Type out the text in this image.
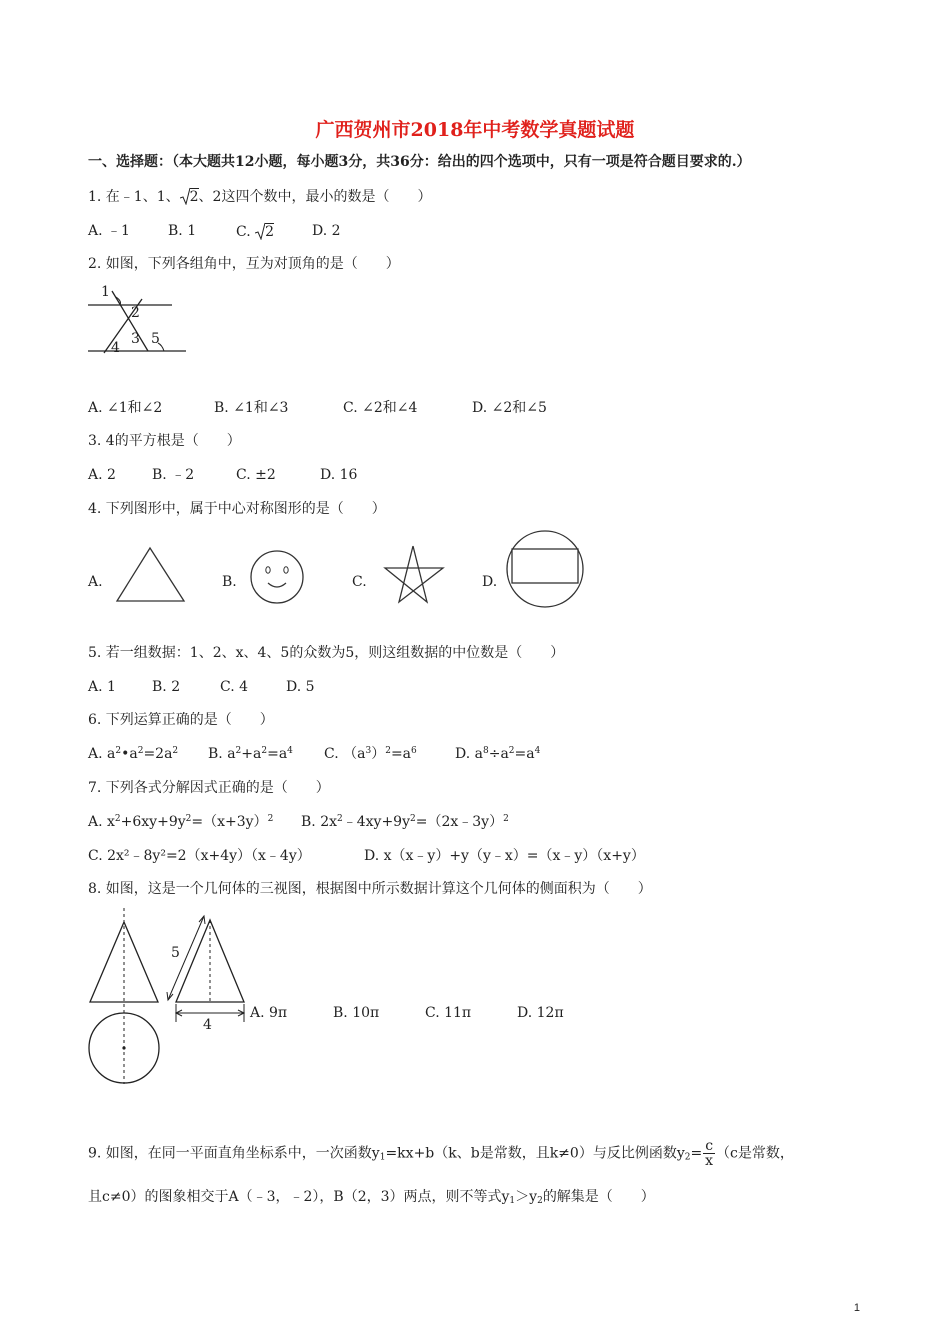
广西贺州市2018年中考数学真题试题
一、选择题：（本大题共12小题，每小题3分，共36分：给出的四个选项中，只有一项是符合题目要求的.）
1. 在﹣1、1、 2、2这四个数中，最小的数是（　　）
A. ﹣1	B. 1	C. 2	D. 2
2. 如图，下列各组角中，互为对顶角的是（　　）
1
2
3
4
5
A. ∠1和∠2	B. ∠1和∠3	C. ∠2和∠4	D. ∠2和∠5
3. 4的平方根是（　　）
A. 2	B. ﹣2	C. ±2	D. 16
4. 下列图形中，属于中心对称图形的是（　　）
A.	B.	C.	D.
5. 若一组数据：1、2、x、4、5的众数为5，则这组数据的中位数是（　　）
A. 1	B. 2	C. 4	D. 5
6. 下列运算正确的是（　　）
A. $a^2•a^2=2a^2$ B. $a^2+a^2=a^4$ C. $(a^3)^2=a^6$	D. $a^8\div a^2=a^4$
7. 下列各式分解因式正确的是（　　）
A. $x^2+6xy+9y^2=(x+3y)^2$ B. $2x^2﹣4xy+9y^2=(2x﹣3y)^2$
C. 2x²﹣8y²=2（x+4y）（x﹣4y）	D. x（x﹣y）+y（y﹣x）=（x﹣y）（x+y）
8. 如图，这是一个几何体的三视图，根据图中所示数据计算这个几何体的侧面积为（　　）
5
4
A. 9π	B. 10π	C. 11π	D. 12π
9. 如图，在同一平面直角坐标系中，一次函数$y_1=kx+b(k$、b是常数，且k≠0）与反比例函数$y_2= \frac{c}{x} (c$是常数，
且c≠0）的图象相交于A（﹣3，﹣2），B（2，3）两点，则不等式$y_1>y_2$的解集是（　　）
1
